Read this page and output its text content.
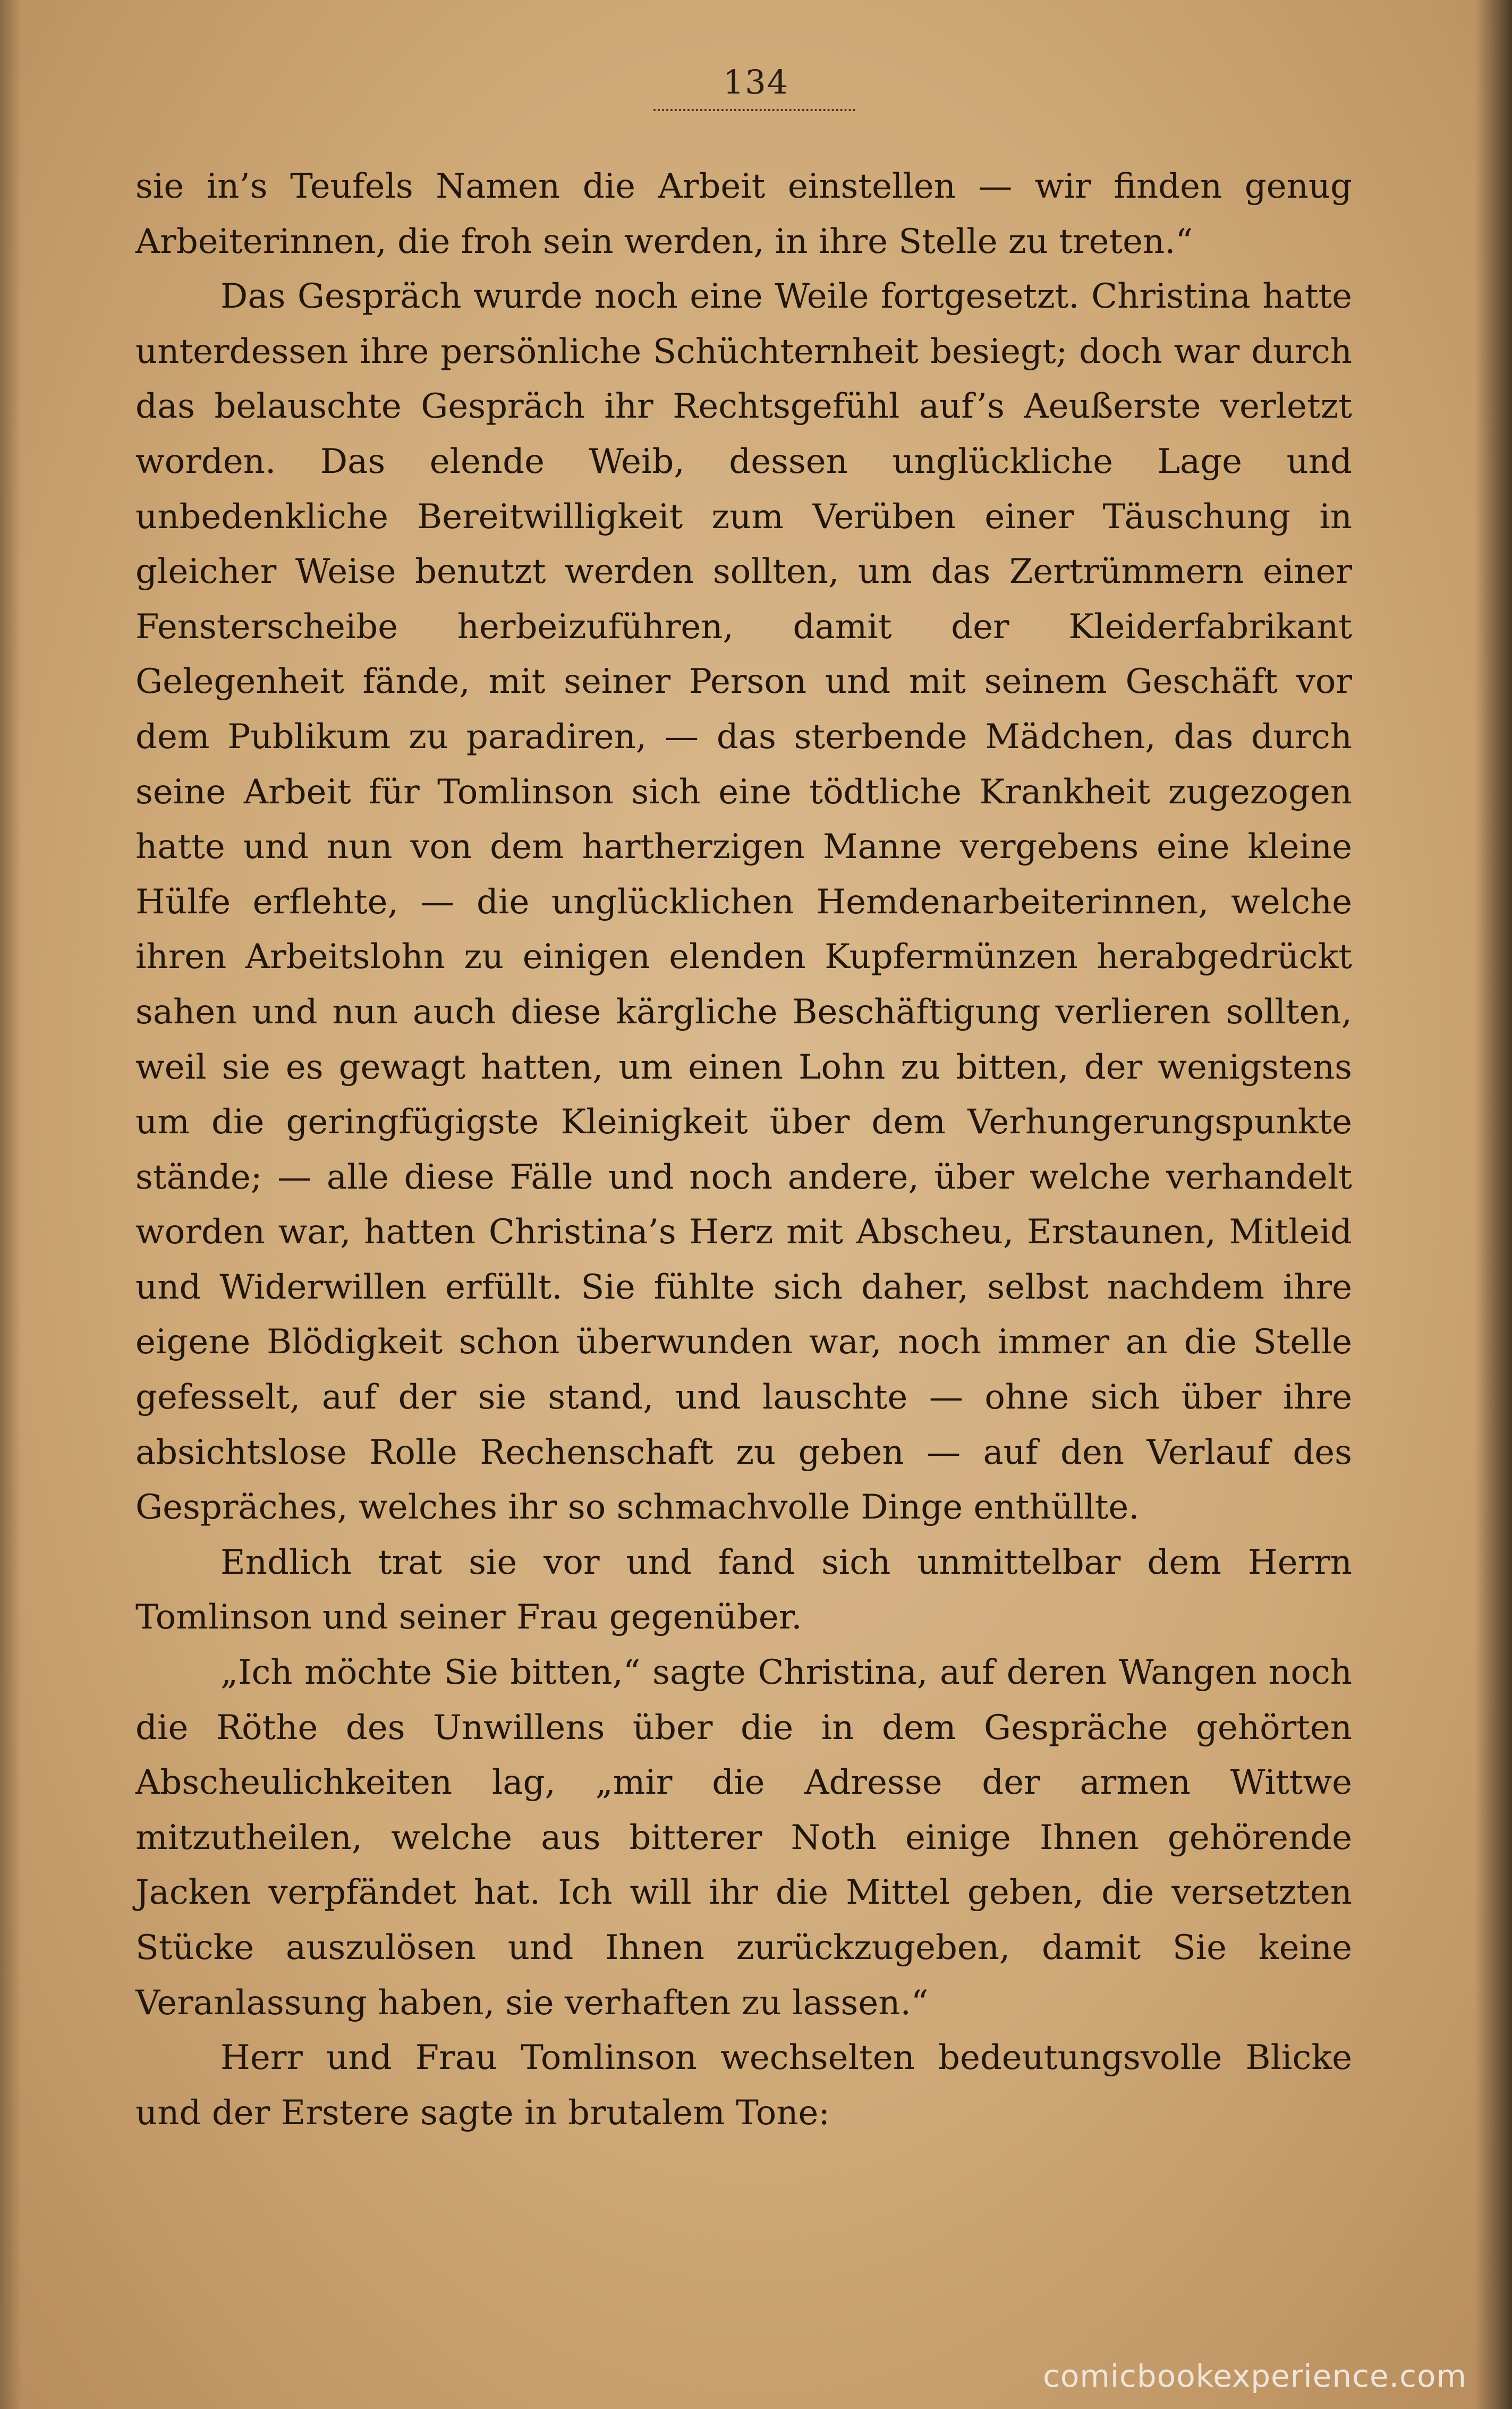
134

sie in’s Teufels Namen die Arbeit einstellen — wir finden genug Arbeiterinnen, die froh sein werden, in ihre Stelle zu treten.“

Das Gespräch wurde noch eine Weile fortgesetzt. Christina hatte unterdessen ihre persönliche Schüchternheit besiegt; doch war durch das belauschte Gespräch ihr Rechtsgefühl auf’s Aeußerste verletzt worden. Das elende Weib, dessen unglückliche Lage und unbedenkliche Bereitwilligkeit zum Verüben einer Täuschung in gleicher Weise benutzt werden sollten, um das Zertrümmern einer Fensterscheibe herbeizuführen, damit der Kleiderfabrikant Gelegenheit fände, mit seiner Person und mit seinem Geschäft vor dem Publikum zu paradiren, — das sterbende Mädchen, das durch seine Arbeit für Tomlinson sich eine tödtliche Krankheit zugezogen hatte und nun von dem hartherzigen Manne vergebens eine kleine Hülfe erflehte, — die unglücklichen Hemdenarbeiterinnen, welche ihren Arbeitslohn zu einigen elenden Kupfermünzen herabgedrückt sahen und nun auch diese kärgliche Beschäftigung verlieren sollten, weil sie es gewagt hatten, um einen Lohn zu bitten, der wenigstens um die geringfügigste Kleinigkeit über dem Verhungerungspunkte stände; — alle diese Fälle und noch andere, über welche verhandelt worden war, hatten Christina’s Herz mit Abscheu, Erstaunen, Mitleid und Widerwillen erfüllt. Sie fühlte sich daher, selbst nachdem ihre eigene Blödigkeit schon überwunden war, noch immer an die Stelle gefesselt, auf der sie stand, und lauschte — ohne sich über ihre absichtslose Rolle Rechenschaft zu geben — auf den Verlauf des Gespräches, welches ihr so schmachvolle Dinge enthüllte.

Endlich trat sie vor und fand sich unmittelbar dem Herrn Tomlinson und seiner Frau gegenüber.

„Ich möchte Sie bitten,“ sagte Christina, auf deren Wangen noch die Röthe des Unwillens über die in dem Gespräche gehörten Abscheulichkeiten lag, „mir die Adresse der armen Wittwe mitzutheilen, welche aus bitterer Noth einige Ihnen gehörende Jacken verpfändet hat. Ich will ihr die Mittel geben, die versetzten Stücke auszulösen und Ihnen zurückzugeben, damit Sie keine Veranlassung haben, sie verhaften zu lassen.“

Herr und Frau Tomlinson wechselten bedeutungsvolle Blicke und der Erstere sagte in brutalem Tone:

comicbookexperience.com
